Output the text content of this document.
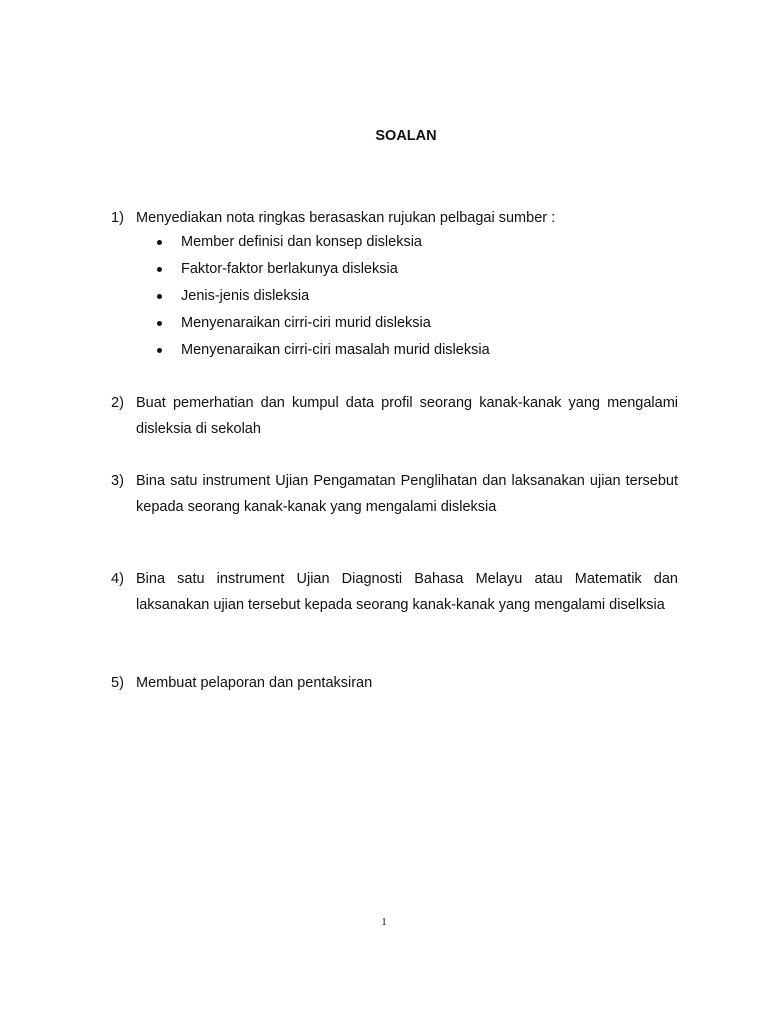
SOALAN
1) Menyediakan nota ringkas berasaskan rujukan pelbagai sumber :
Member definisi dan konsep disleksia
Faktor-faktor berlakunya disleksia
Jenis-jenis disleksia
Menyenaraikan cirri-ciri murid disleksia
Menyenaraikan cirri-ciri masalah murid disleksia
2) Buat pemerhatian dan kumpul data profil seorang kanak-kanak yang mengalami disleksia di sekolah
3) Bina satu instrument Ujian Pengamatan Penglihatan dan laksanakan ujian tersebut kepada seorang kanak-kanak yang mengalami disleksia
4) Bina satu instrument Ujian Diagnosti Bahasa Melayu atau Matematik dan laksanakan ujian tersebut kepada seorang kanak-kanak yang mengalami diselksia
5) Membuat pelaporan dan pentaksiran
1
